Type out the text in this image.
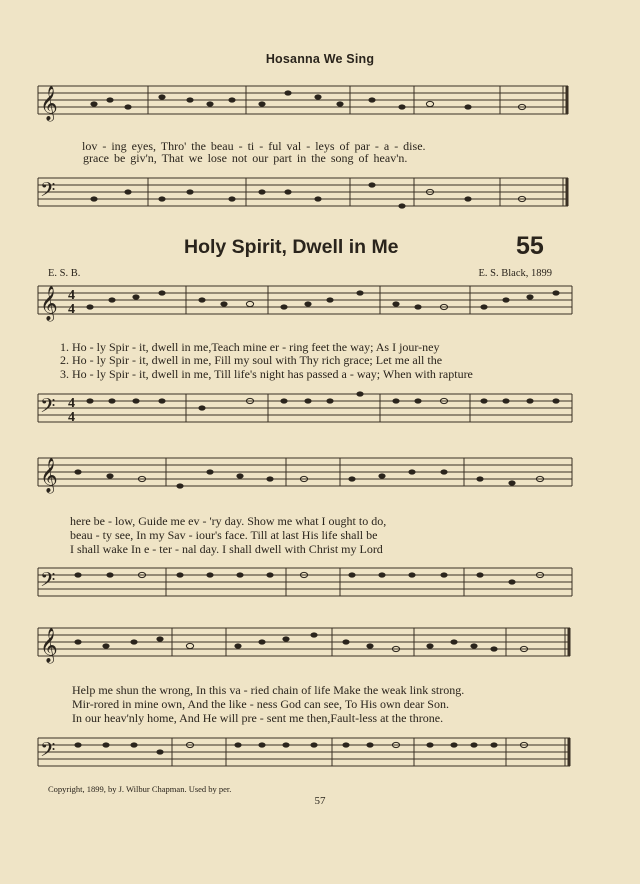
Hosanna We Sing
𝄞
lov - ing eyes, Thro' the beau - ti - ful val - leys of par - a - dise.
grace be giv'n, That we lose not our part in the song of heav'n.
𝄢
Holy Spirit, Dwell in Me	55
E. S. B.	E. S. Black, 1899
𝄞 4
4
1. Ho - ly Spir - it, dwell in me,Teach mine er - ring feet the way; As I jour-ney
2. Ho - ly Spir - it, dwell in me, Fill my soul with Thy rich grace; Let me all the
3. Ho - ly Spir - it, dwell in me, Till life's night has passed a - way; When with rapture
𝄢 4
4
𝄞
here be - low, Guide me ev - 'ry day. Show me what I ought to do,
beau - ty see, In my Sav - iour's face. Till at last His life shall be
I shall wake In e - ter - nal day. I shall dwell with Christ my Lord
𝄢
𝄞
Help me shun the wrong, In this va - ried chain of life Make the weak link strong.
Mir-rored in mine own, And the like - ness God can see, To His own dear Son.
In our heav'nly home, And He will pre - sent me then,Fault-less at the throne.
𝄢
Copyright, 1899, by J. Wilbur Chapman. Used by per.
57
